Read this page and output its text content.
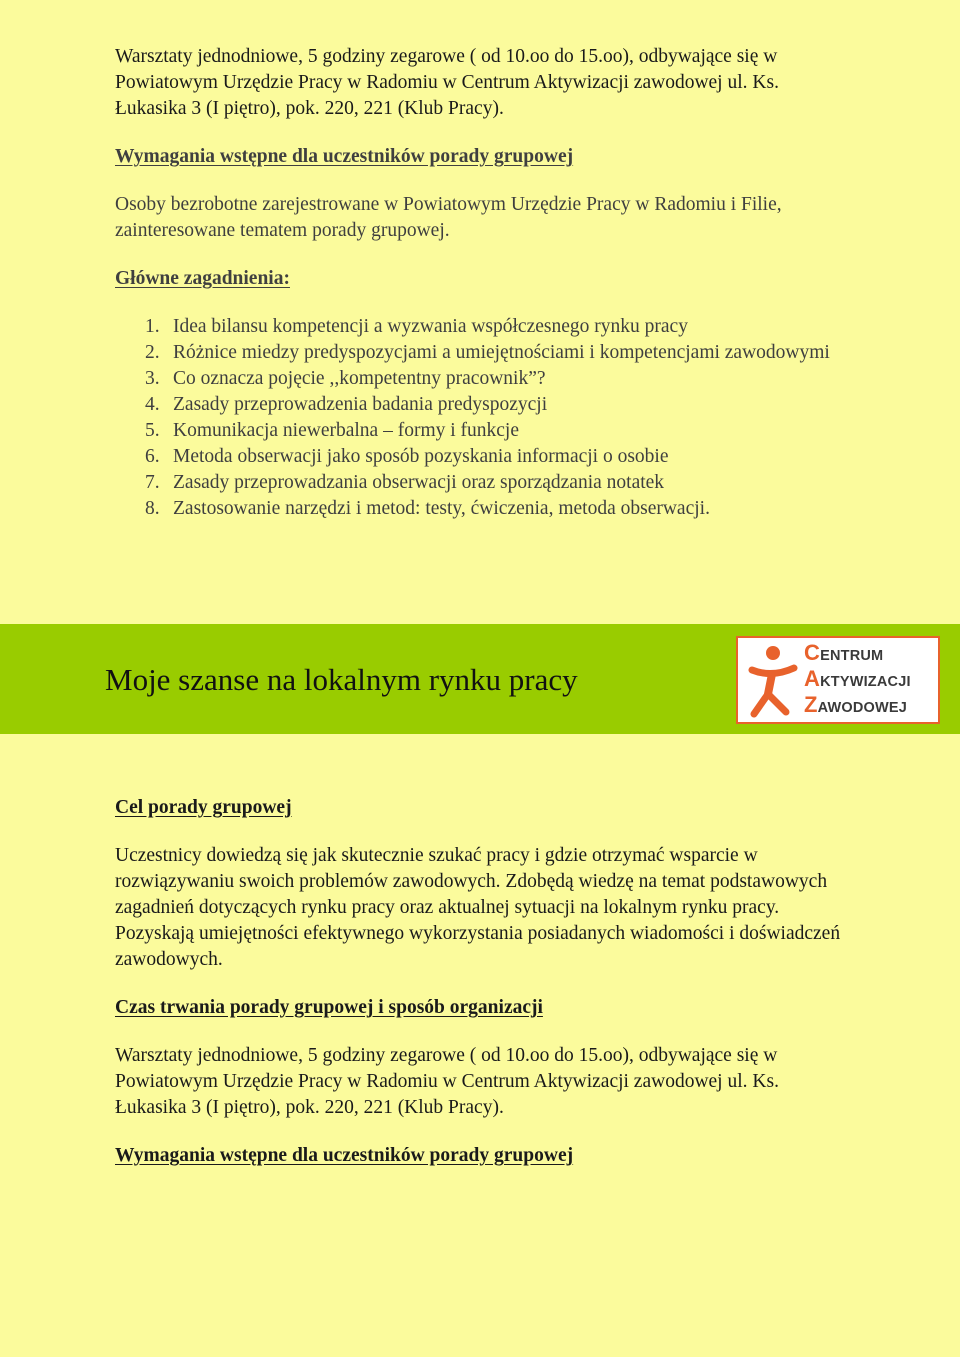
Warsztaty jednodniowe, 5 godziny zegarowe ( od 10.oo do 15.oo), odbywające się w Powiatowym Urzędzie Pracy w Radomiu w Centrum Aktywizacji zawodowej ul. Ks. Łukasika 3 (I piętro), pok. 220, 221 (Klub Pracy).

Wymagania wstępne dla uczestników porady grupowej

Osoby bezrobotne zarejestrowane w Powiatowym Urzędzie Pracy w Radomiu i Filie, zainteresowane tematem porady grupowej.

Główne zagadnienia:

1. Idea bilansu kompetencji a wyzwania współczesnego rynku pracy
2. Różnice miedzy predyspozycjami a umiejętnościami i kompetencjami zawodowymi
3. Co oznacza pojęcie ,,kompetentny pracownik”?
4. Zasady przeprowadzenia badania predyspozycji
5. Komunikacja niewerbalna – formy i funkcje
6. Metoda obserwacji jako sposób pozyskania informacji o osobie
7. Zasady przeprowadzania obserwacji oraz sporządzania notatek
8. Zastosowanie narzędzi i metod: testy, ćwiczenia, metoda obserwacji.
Moje szanse na lokalnym rynku pracy
CENTRUM
AKTYWIZACJI
ZAWODOWEJ

Cel porady grupowej

Uczestnicy dowiedzą się jak skutecznie szukać pracy i gdzie otrzymać wsparcie w rozwiązywaniu swoich problemów zawodowych. Zdobędą wiedzę na temat podstawowych zagadnień dotyczących rynku pracy oraz aktualnej sytuacji na lokalnym rynku pracy. Pozyskają umiejętności efektywnego wykorzystania posiadanych wiadomości i doświadczeń zawodowych.

Czas trwania porady grupowej i sposób organizacji

Warsztaty jednodniowe, 5 godziny zegarowe ( od 10.oo do 15.oo), odbywające się w Powiatowym Urzędzie Pracy w Radomiu w Centrum Aktywizacji zawodowej ul. Ks. Łukasika 3 (I piętro), pok. 220, 221 (Klub Pracy).

Wymagania wstępne dla uczestników porady grupowej
